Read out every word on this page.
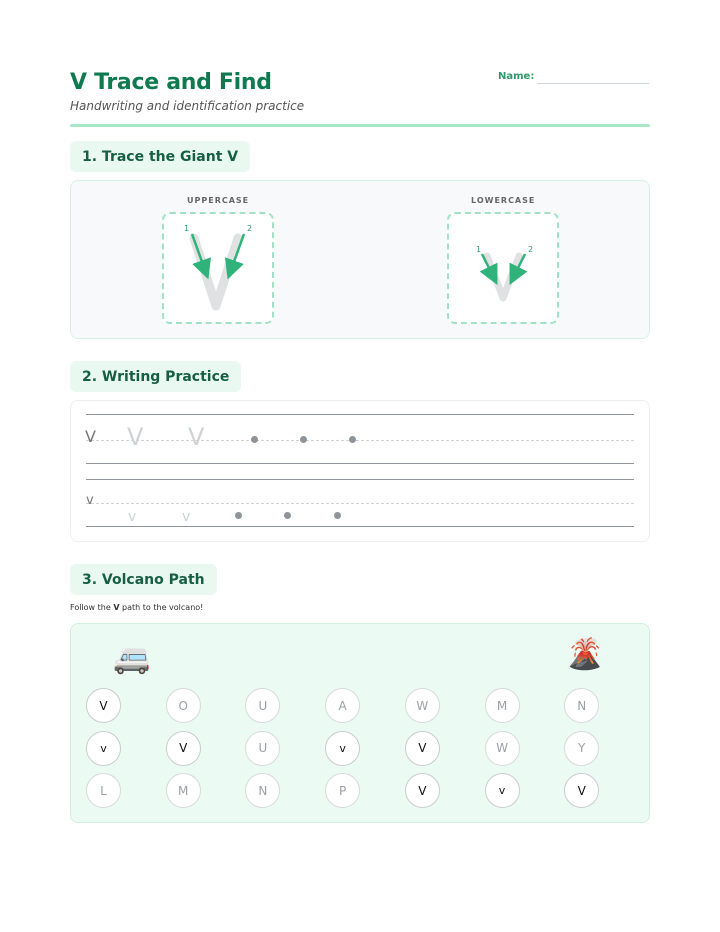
V Trace and Find
Handwriting and identification practice
Name:
1. Trace the Giant V
UPPERCASE	LOWERCASE
1	2
1	2
2. Writing Practice
V V V
v
v	v
3. Volcano Path
Follow the V path to the volcano!
🚐	🌋
V	O	U	A	W	M	N
v	V	U	v	V	W	Y
L	M	N	P	V	v	V
